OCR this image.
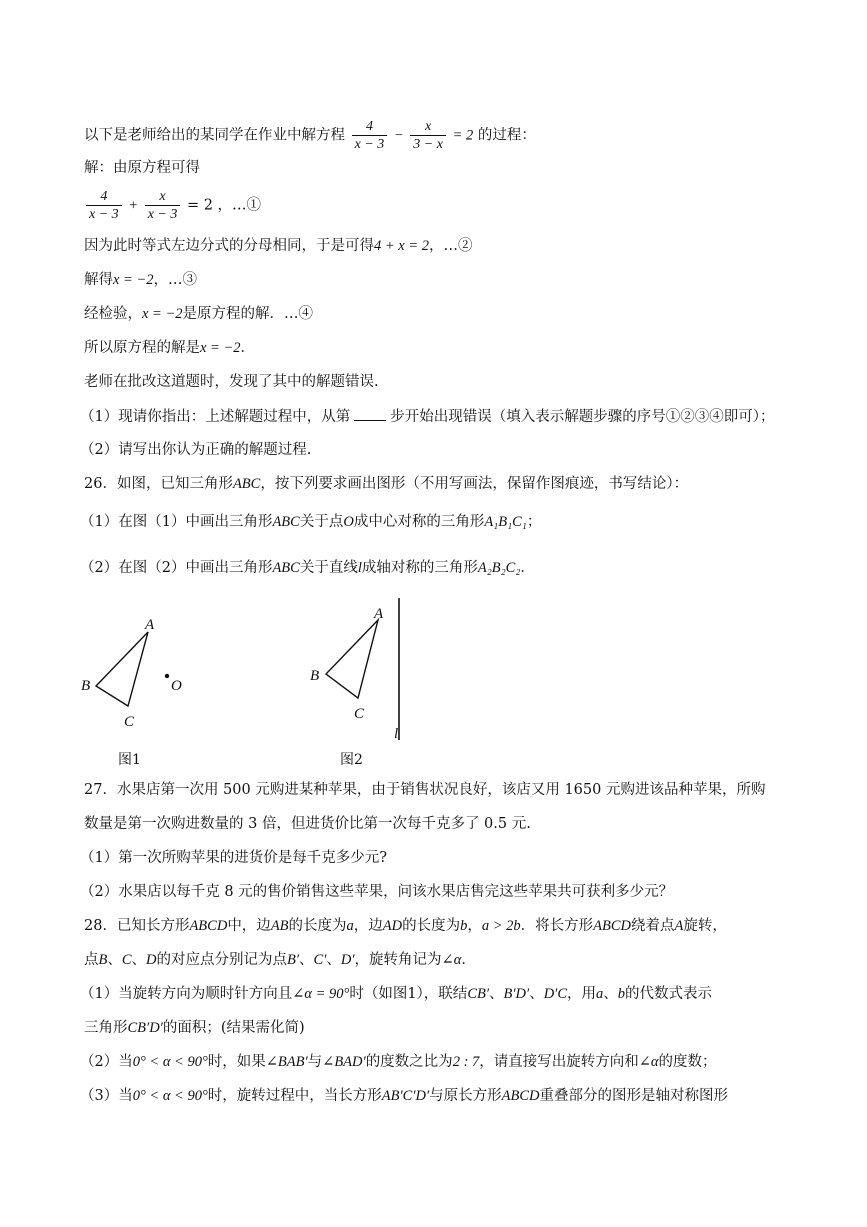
以下是老师给出的某同学在作业中解方程 $\frac{4}{x - 3} - \frac{x}{3 - x} = 2$ 的过程：
解：由原方程可得
$\frac{4}{x - 3} + \frac{x}{x - 3} = 2$ ，…①
因为此时等式左边分式的分母相同，于是可得4 + x = 2，…②
解得x = −2，…③
经检验，x = −2是原方程的解．…④
所以原方程的解是x = −2．
老师在批改这道题时，发现了其中的解题错误.
（1）现请你指出：上述解题过程中，从第	步开始出现错误（填入表示解题步骤的序号①②③④即可）；
（2）请写出你认为正确的解题过程.
26．如图，已知三角形ABC，按下列要求画出图形（不用写画法，保留作图痕迹，书写结论）：
（1）在图（1）中画出三角形ABC关于点O成中心对称的三角形A₁B₁C₁；
（2）在图（2）中画出三角形ABC关于直线l成轴对称的三角形A₂B₂C₂．
A
B
C
O
图1
A
B
C
l
图2
27．水果店第一次用 500 元购进某种苹果，由于销售状况良好，该店又用 1650 元购进该品种苹果，所购
数量是第一次购进数量的 3 倍，但进货价比第一次每千克多了 0.5 元.
（1）第一次所购苹果的进货价是每千克多少元?
（2）水果店以每千克 8 元的售价销售这些苹果，问该水果店售完这些苹果共可获利多少元？
28．已知长方形ABCD中，边AB的长度为a，边AD的长度为b，a > 2b．将长方形ABCD绕着点A旋转，
点B、C、D的对应点分别记为点B′、C′、D′，旋转角记为∠α．
（1）当旋转方向为顺时针方向且∠α = 90°时（如图1），联结CB′、B′D′、D′C，用a、b的代数式表示
三角形CB′D′的面积；(结果需化简)
（2）当0° < α < 90°时，如果∠BAB′与∠BAD′的度数之比为2 : 7，请直接写出旋转方向和∠α的度数；
（3）当0° < α < 90°时，旋转过程中，当长方形AB′C′D′与原长方形ABCD重叠部分的图形是轴对称图形
